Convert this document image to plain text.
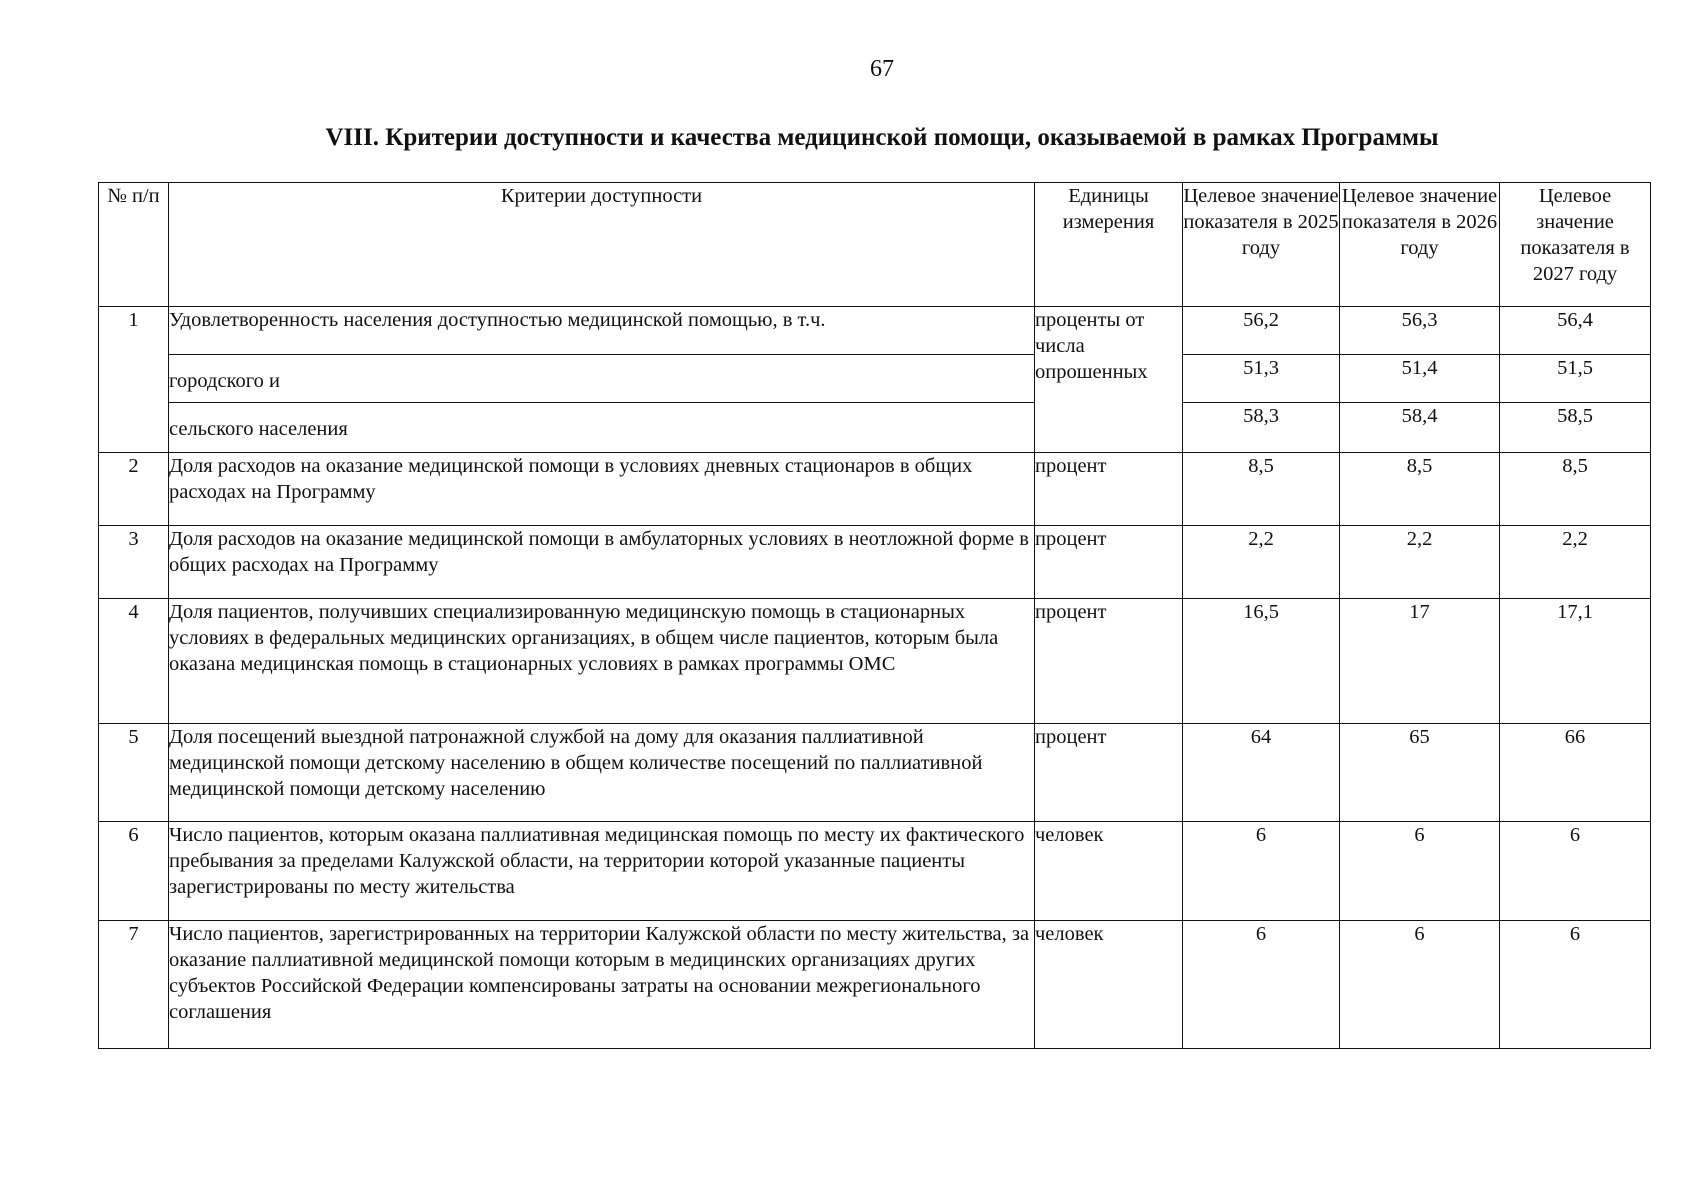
67
VIII. Критерии доступности и качества медицинской помощи, оказываемой в рамках Программы
№ п/п	Критерии доступности	Единицы измерения	Целевое значение показателя в 2025 году	Целевое значение показателя в 2026 году	Целевое значение показателя в 2027 году
1	Удовлетворенность населения доступностью медицинской помощью, в т.ч.	проценты от числа опрошенных	56,2	56,3	56,4
	городского и		51,3	51,4	51,5
	сельского населения		58,3	58,4	58,5
2	Доля расходов на оказание медицинской помощи в условиях дневных стационаров в общих расходах на Программу	процент	8,5	8,5	8,5
3	Доля расходов на оказание медицинской помощи в амбулаторных условиях в неотложной форме в общих расходах на Программу	процент	2,2	2,2	2,2
4	Доля пациентов, получивших специализированную медицинскую помощь в стационарных условиях в федеральных медицинских организациях, в общем числе пациентов, которым была оказана медицинская помощь в стационарных условиях в рамках программы ОМС	процент	16,5	17	17,1
5	Доля посещений выездной патронажной службой на дому для оказания паллиативной медицинской помощи детскому населению в общем количестве посещений по паллиативной медицинской помощи детскому населению	процент	64	65	66
6	Число пациентов, которым оказана паллиативная медицинская помощь по месту их фактического пребывания за пределами Калужской области, на территории которой указанные пациенты зарегистрированы по месту жительства	человек	6	6	6
7	Число пациентов, зарегистрированных на территории Калужской области по месту жительства, за оказание паллиативной медицинской помощи которым в медицинских организациях других субъектов Российской Федерации компенсированы затраты на основании межрегионального соглашения	человек	6	6	6
